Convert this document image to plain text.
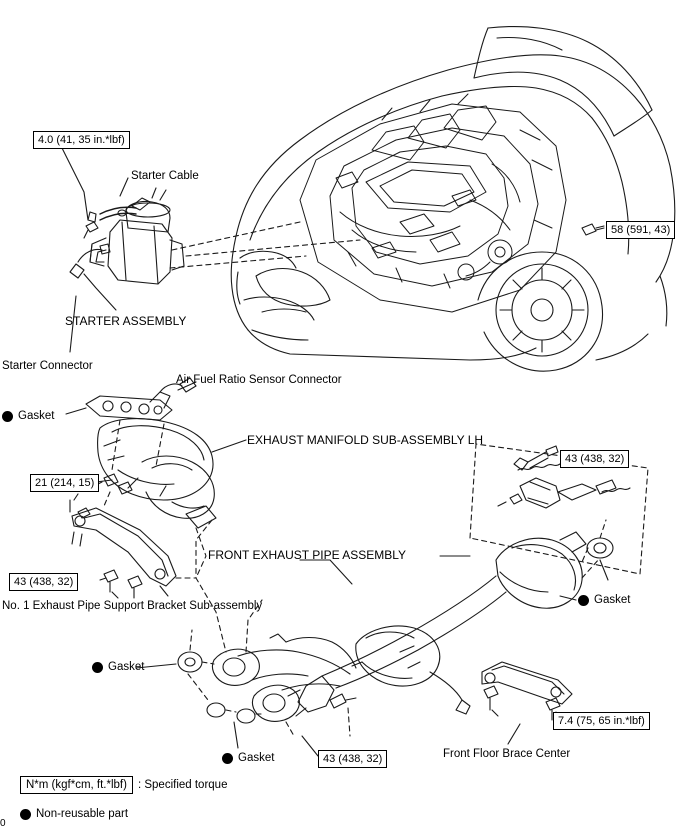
4.0 (41, 35 in.*lbf)
58 (591, 43)
21 (214, 15)
43 (438, 32)
43 (438, 32)
43 (438, 32)
7.4 (75, 65 in.*lbf)
Starter Cable
STARTER ASSEMBLY
Starter Connector
Air Fuel Ratio Sensor Connector
EXHAUST MANIFOLD SUB-ASSEMBLY LH
FRONT EXHAUST PIPE ASSEMBLY
No. 1 Exhaust Pipe Support Bracket Sub-assembly
Front Floor Brace Center
Gasket
Gasket
Gasket
Gasket
N*m (kgf*cm, ft.*lbf) : Specified torque
Non-reusable part
0
